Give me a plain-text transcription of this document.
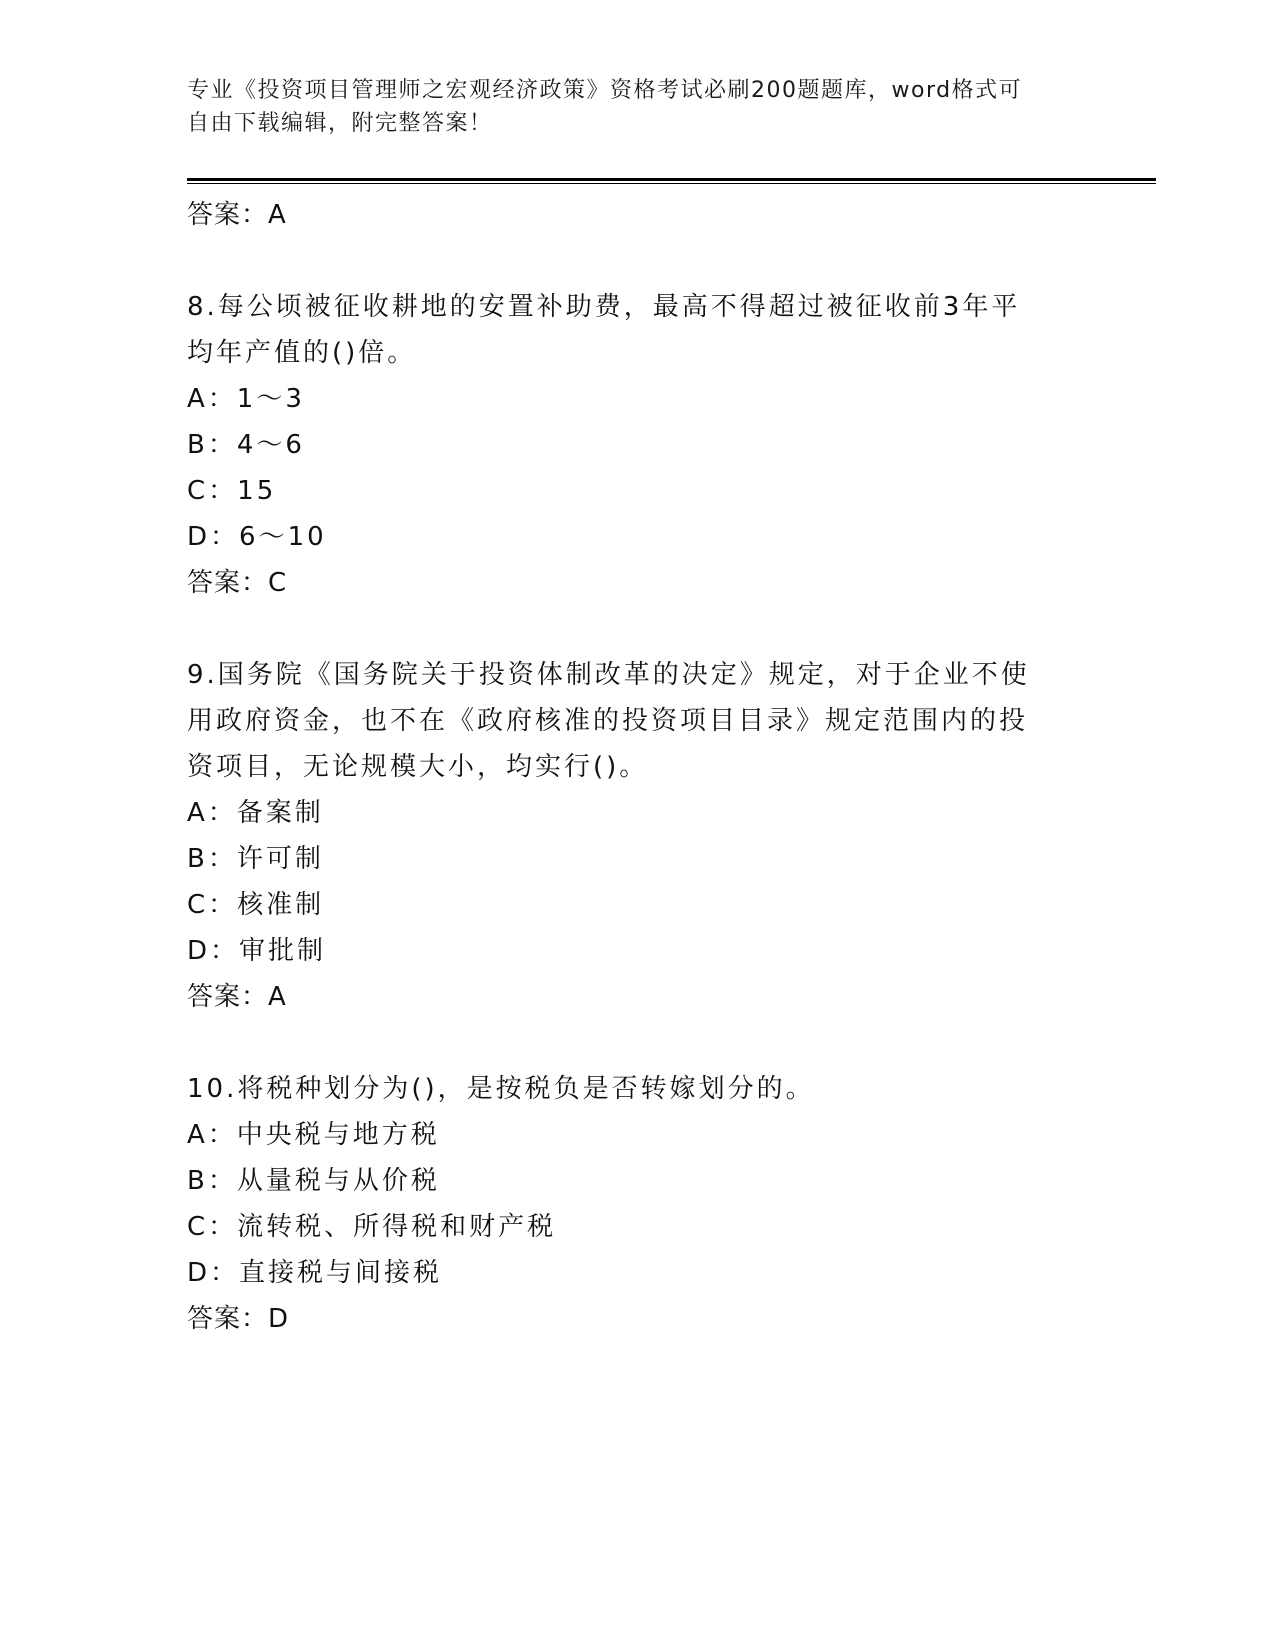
专业《投资项目管理师之宏观经济政策》资格考试必刷200题题库，word格式可
自由下载编辑，附完整答案！
答案：A
8.每公顷被征收耕地的安置补助费，最高不得超过被征收前3年平均年产值的()倍。
A：1～3
B：4～6
C：15
D：6～10
答案：C
9.国务院《国务院关于投资体制改革的决定》规定，对于企业不使用政府资金，也不在《政府核准的投资项目目录》规定范围内的投资项目，无论规模大小，均实行()。
A：备案制
B：许可制
C：核准制
D：审批制
答案：A
10.将税种划分为()，是按税负是否转嫁划分的。
A：中央税与地方税
B：从量税与从价税
C：流转税、所得税和财产税
D：直接税与间接税
答案：D
